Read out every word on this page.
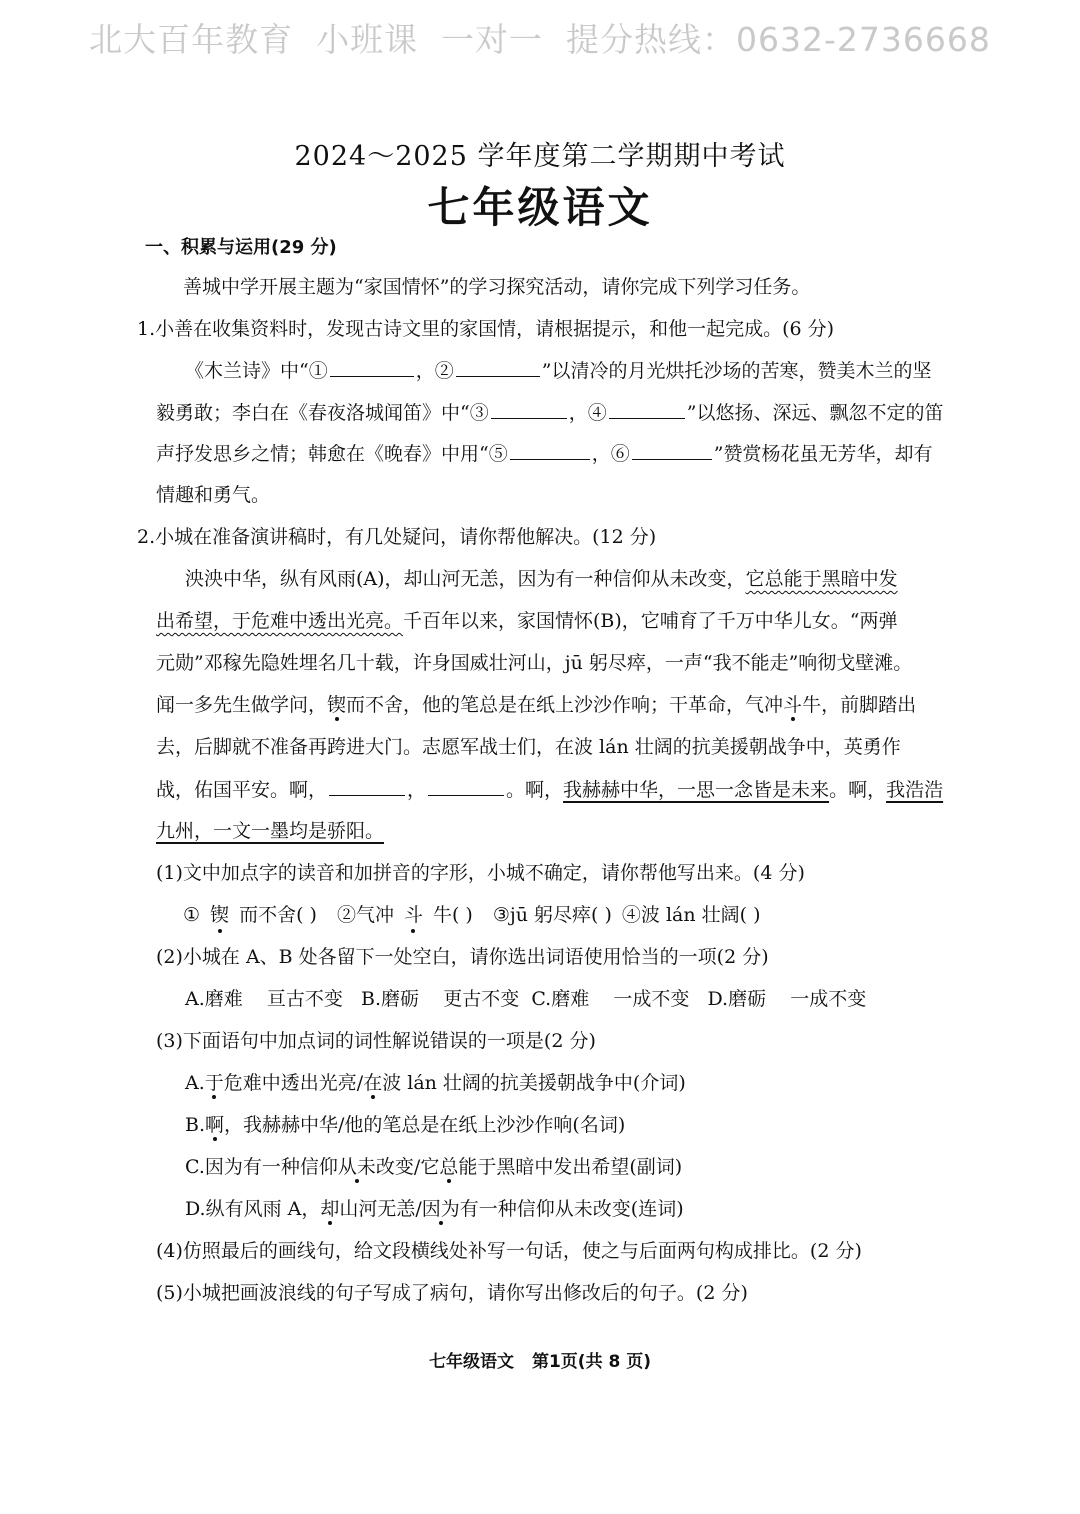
北大百年教育  小班课  一对一  提分热线：0632-2736668
2024～2025 学年度第二学期期中考试
七年级语文
一、积累与运用(29 分)
善城中学开展主题为“家国情怀”的学习探究活动，请你完成下列学习任务。
1.小善在收集资料时，发现古诗文里的家国情，请根据提示，和他一起完成。(6 分)
《木兰诗》中“①	，②	”以清冷的月光烘托沙场的苦寒，赞美木兰的坚
毅勇敢；李白在《春夜洛城闻笛》中“③	，④	”以悠扬、深远、飘忽不定的笛
声抒发思乡之情；韩愈在《晚春》中用“⑤	，⑥	”赞赏杨花虽无芳华，却有
情趣和勇气。
2.小城在准备演讲稿时，有几处疑问，请你帮他解决。(12 分)
泱泱中华，纵有风雨(A)，却山河无恙，因为有一种信仰从未改变，它总能于黑暗中发
出希望，于危难中透出光亮。千百年以来，家国情怀(B)，它哺育了千万中华儿女。“两弹
元勋”邓稼先隐姓埋名几十载，许身国威壮河山，jū 躬尽瘁，一声“我不能走”响彻戈壁滩。
闻一多先生做学问，锲而不舍，他的笔总是在纸上沙沙作响；干革命，气冲斗牛，前脚踏出
去，后脚就不准备再跨进大门。志愿军战士们，在波 lán 壮阔的抗美援朝战争中，英勇作
战，佑国平安。啊，	，	。啊，我赫赫中华，一思一念皆是未来。啊，我浩浩
九州，一文一墨均是骄阳。
(1)文中加点字的读音和加拼音的字形，小城不确定，请你帮他写出来。(4 分)
① 锲 而不舍( ) ②气冲 斗 牛( ) ③jū 躬尽瘁( ) ④波 lán 壮阔( )
(2)小城在 A、B 处各留下一处空白，请你选出词语使用恰当的一项(2 分)
A.磨难    亘古不变 B.磨砺    更古不变 C.磨难    一成不变 D.磨砺    一成不变
(3)下面语句中加点词的词性解说错误的一项是(2 分)
A.于危难中透出光亮/在波 lán 壮阔的抗美援朝战争中(介词)
B.啊，我赫赫中华/他的笔总是在纸上沙沙作响(名词)
C.因为有一种信仰从未改变/它总能于黑暗中发出希望(副词)
D.纵有风雨 A，却山河无恙/因为有一种信仰从未改变(连词)
(4)仿照最后的画线句，给文段横线处补写一句话，使之与后面两句构成排比。(2 分)
(5)小城把画波浪线的句子写成了病句，请你写出修改后的句子。(2 分)
七年级语文 第1页(共 8 页)
